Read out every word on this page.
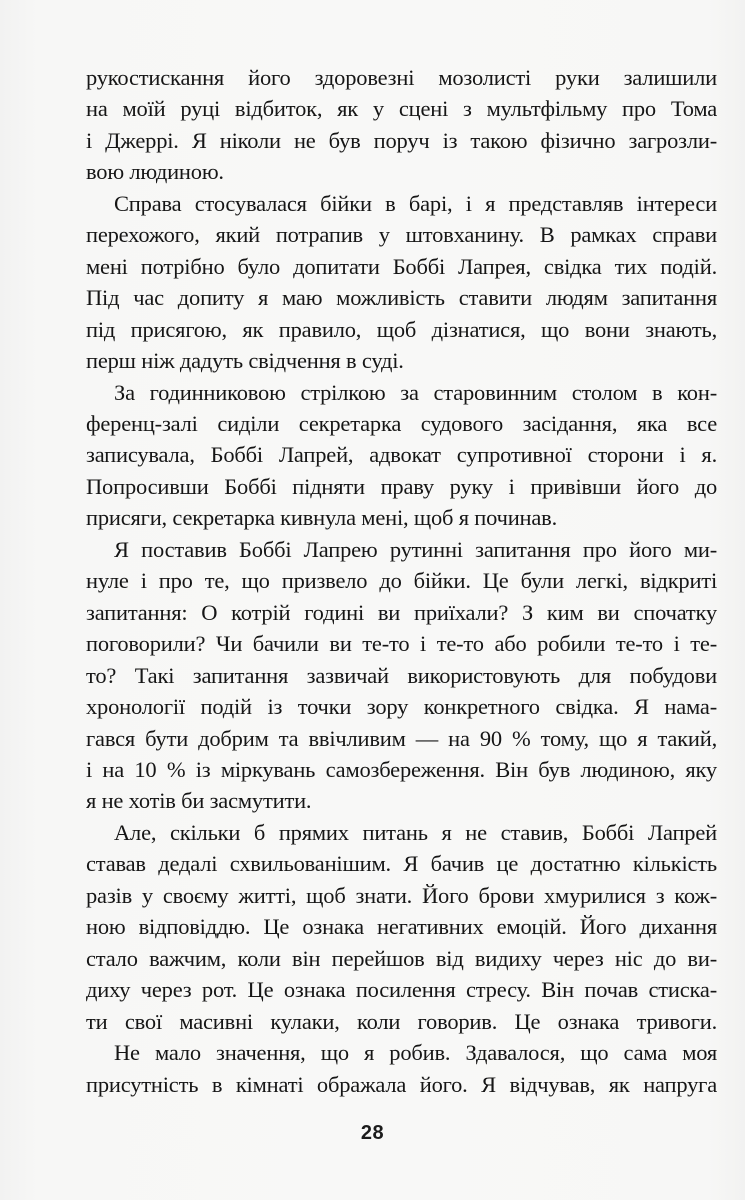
рукостискання його здоровезні мозолисті руки залишили
на моїй руці відбиток, як у сцені з мультфільму про Тома
і Джеррі. Я ніколи не був поруч із такою фізично загрозли-
вою людиною.
Справа стосувалася бійки в барі, і я представляв інтереси
перехожого, який потрапив у штовханину. В рамках справи
мені потрібно було допитати Боббі Лапрея, свідка тих подій.
Під час допиту я маю можливість ставити людям запитання
під присягою, як правило, щоб дізнатися, що вони знають,
перш ніж дадуть свідчення в суді.
За годинниковою стрілкою за старовинним столом в кон-
ференц-залі сиділи секретарка судового засідання, яка все
записувала, Боббі Лапрей, адвокат супротивної сторони і я.
Попросивши Боббі підняти праву руку і привівши його до
присяги, секретарка кивнула мені, щоб я починав.
Я поставив Боббі Лапрею рутинні запитання про його ми-
нуле і про те, що призвело до бійки. Це були легкі, відкриті
запитання: О котрій годині ви приїхали? З ким ви спочатку
поговорили? Чи бачили ви те-то і те-то або робили те-то і те-
то? Такі запитання зазвичай використовують для побудови
хронології подій із точки зору конкретного свідка. Я нама-
гався бути добрим та ввічливим — на 90 % тому, що я такий,
і на 10 % із міркувань самозбереження. Він був людиною, яку
я не хотів би засмутити.
Але, скільки б прямих питань я не ставив, Боббі Лапрей
ставав дедалі схвильованішим. Я бачив це достатню кількість
разів у своєму житті, щоб знати. Його брови хмурилися з кож-
ною відповіддю. Це ознака негативних емоцій. Його дихання
стало важчим, коли він перейшов від видиху через ніс до ви-
диху через рот. Це ознака посилення стресу. Він почав стиска-
ти свої масивні кулаки, коли говорив. Це ознака тривоги.
Не мало значення, що я робив. Здавалося, що сама моя
присутність в кімнаті ображала його. Я відчував, як напруга
28
